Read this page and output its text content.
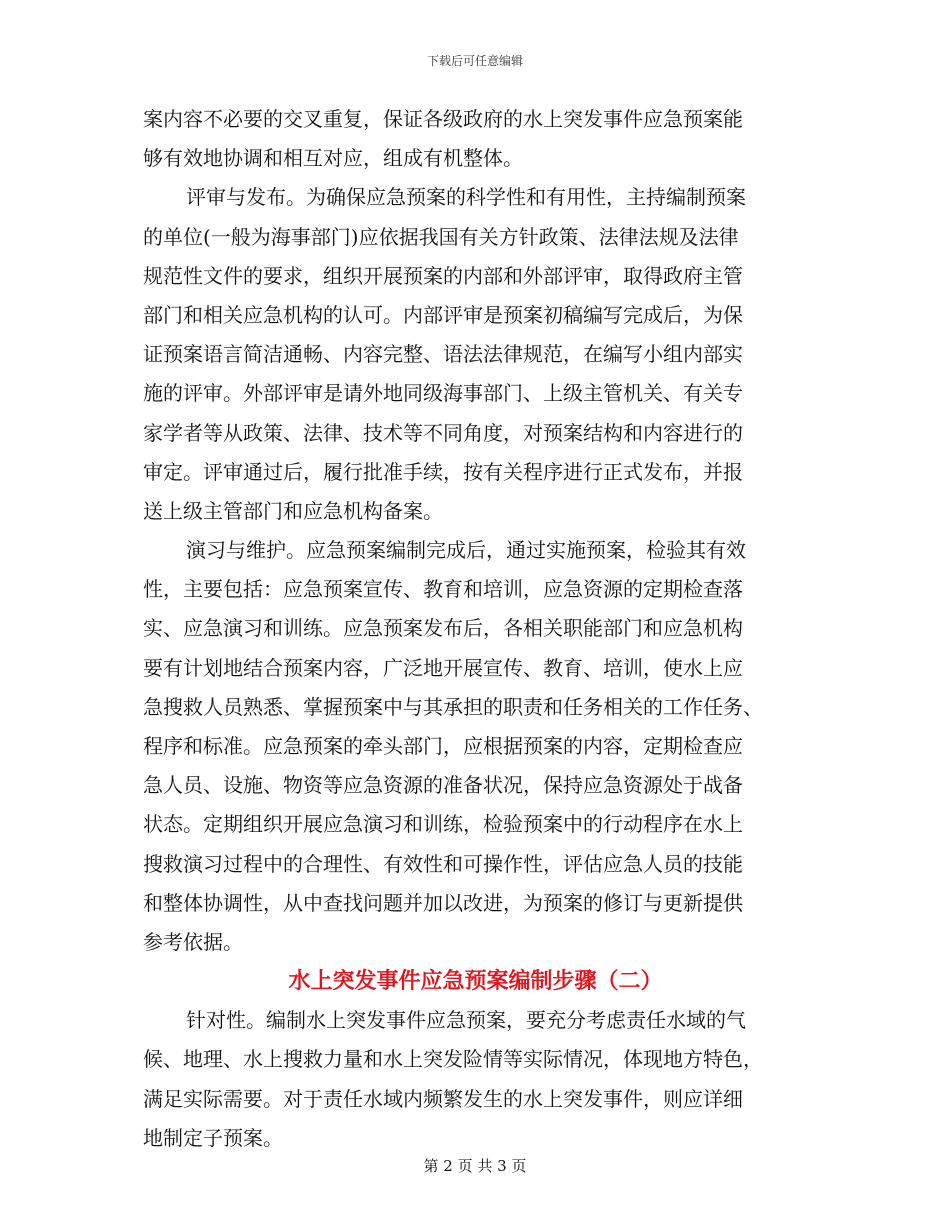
下载后可任意编辑
案内容不必要的交叉重复，保证各级政府的水上突发事件应急预案能
够有效地协调和相互对应，组成有机整体。
评审与发布。为确保应急预案的科学性和有用性，主持编制预案
的单位(一般为海事部门)应依据我国有关方针政策、法律法规及法律
规范性文件的要求，组织开展预案的内部和外部评审，取得政府主管
部门和相关应急机构的认可。内部评审是预案初稿编写完成后，为保
证预案语言简洁通畅、内容完整、语法法律规范，在编写小组内部实
施的评审。外部评审是请外地同级海事部门、上级主管机关、有关专
家学者等从政策、法律、技术等不同角度，对预案结构和内容进行的
审定。评审通过后，履行批准手续，按有关程序进行正式发布，并报
送上级主管部门和应急机构备案。
演习与维护。应急预案编制完成后，通过实施预案，检验其有效
性，主要包括：应急预案宣传、教育和培训，应急资源的定期检查落
实、应急演习和训练。应急预案发布后，各相关职能部门和应急机构
要有计划地结合预案内容，广泛地开展宣传、教育、培训，使水上应
急搜救人员熟悉、掌握预案中与其承担的职责和任务相关的工作任务、
程序和标准。应急预案的牵头部门，应根据预案的内容，定期检查应
急人员、设施、物资等应急资源的准备状况，保持应急资源处于战备
状态。定期组织开展应急演习和训练，检验预案中的行动程序在水上
搜救演习过程中的合理性、有效性和可操作性，评估应急人员的技能
和整体协调性，从中查找问题并加以改进，为预案的修订与更新提供
参考依据。
水上突发事件应急预案编制步骤（二）
针对性。编制水上突发事件应急预案，要充分考虑责任水域的气
候、地理、水上搜救力量和水上突发险情等实际情况，体现地方特色，
满足实际需要。对于责任水域内频繁发生的水上突发事件，则应详细
地制定子预案。
第 2 页 共 3 页
